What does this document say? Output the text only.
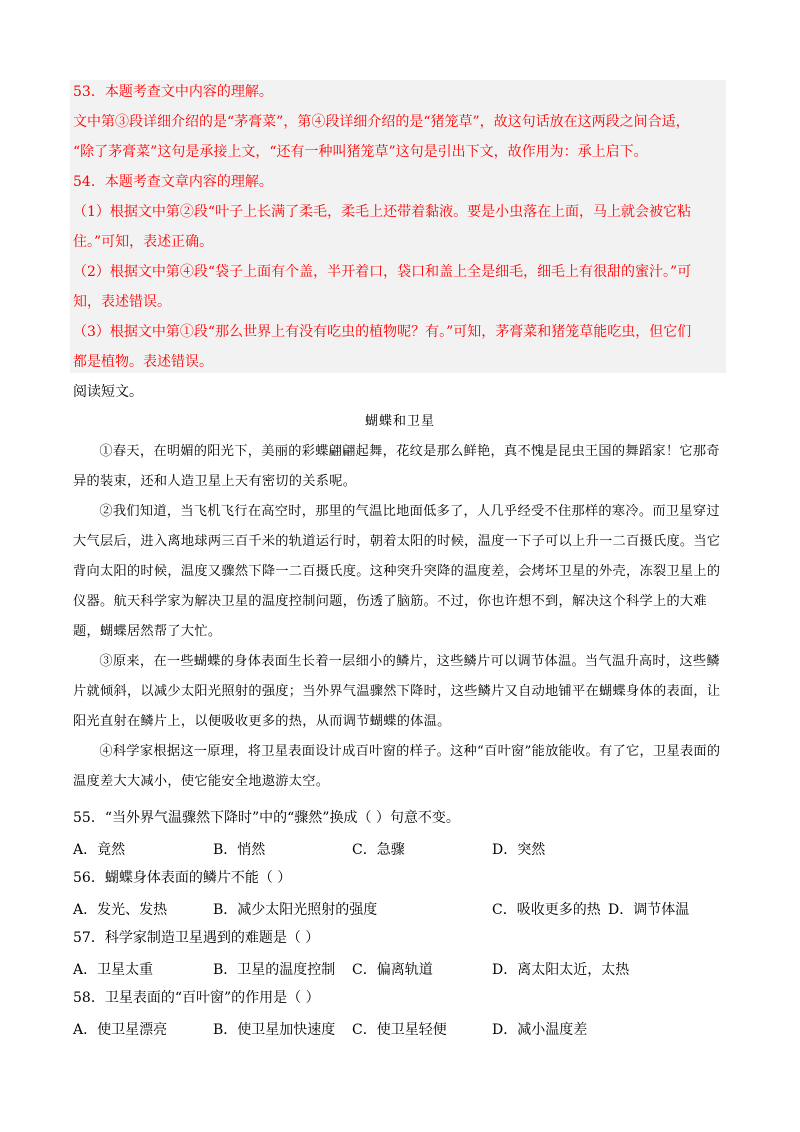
53．本题考查文中内容的理解。
文中第③段详细介绍的是“茅膏菜”，第④段详细介绍的是“猪笼草”，故这句话放在这两段之间合适，
“除了茅膏菜”这句是承接上文，“还有一种叫猪笼草”这句是引出下文，故作用为：承上启下。
54．本题考查文章内容的理解。
（1）根据文中第②段“叶子上长满了柔毛，柔毛上还带着黏液。要是小虫落在上面，马上就会被它粘
住。”可知，表述正确。
（2）根据文中第④段“袋子上面有个盖，半开着口，袋口和盖上全是细毛，细毛上有很甜的蜜汁。”可
知，表述错误。
（3）根据文中第①段“那么世界上有没有吃虫的植物呢？有。”可知，茅膏菜和猪笼草能吃虫，但它们
都是植物。表述错误。
阅读短文。
蝴蝶和卫星
①春天，在明媚的阳光下，美丽的彩蝶翩翩起舞，花纹是那么鲜艳，真不愧是昆虫王国的舞蹈家！它那奇异的装束，还和人造卫星上天有密切的关系呢。
②我们知道，当飞机飞行在高空时，那里的气温比地面低多了，人几乎经受不住那样的寒冷。而卫星穿过大气层后，进入离地球两三百千米的轨道运行时，朝着太阳的时候，温度一下子可以上升一二百摄氏度。当它背向太阳的时候，温度又骤然下降一二百摄氏度。这种突升突降的温度差，会烤坏卫星的外壳，冻裂卫星上的仪器。航天科学家为解决卫星的温度控制问题，伤透了脑筋。不过，你也许想不到，解决这个科学上的大难题，蝴蝶居然帮了大忙。
③原来，在一些蝴蝶的身体表面生长着一层细小的鳞片，这些鳞片可以调节体温。当气温升高时，这些鳞片就倾斜，以减少太阳光照射的强度；当外界气温骤然下降时，这些鳞片又自动地铺平在蝴蝶身体的表面，让阳光直射在鳞片上，以便吸收更多的热，从而调节蝴蝶的体温。
④科学家根据这一原理，将卫星表面设计成百叶窗的样子。这种“百叶窗”能放能收。有了它，卫星表面的温度差大大减小，使它能安全地遨游太空。
55．“当外界气温骤然下降时”中的“骤然”换成（ ）句意不变。
A．竟然	B．悄然	C．急骤	D．突然
56．蝴蝶身体表面的鳞片不能（ ）
A．发光、发热	B．减少太阳光照射的强度	C．吸收更多的热 D．调节体温
57．科学家制造卫星遇到的难题是（ ）
A．卫星太重	B．卫星的温度控制 C．偏离轨道	D．离太阳太近，太热
58．卫星表面的“百叶窗”的作用是（ ）
A．使卫星漂亮	B．使卫星加快速度 C．使卫星轻便	D．减小温度差
